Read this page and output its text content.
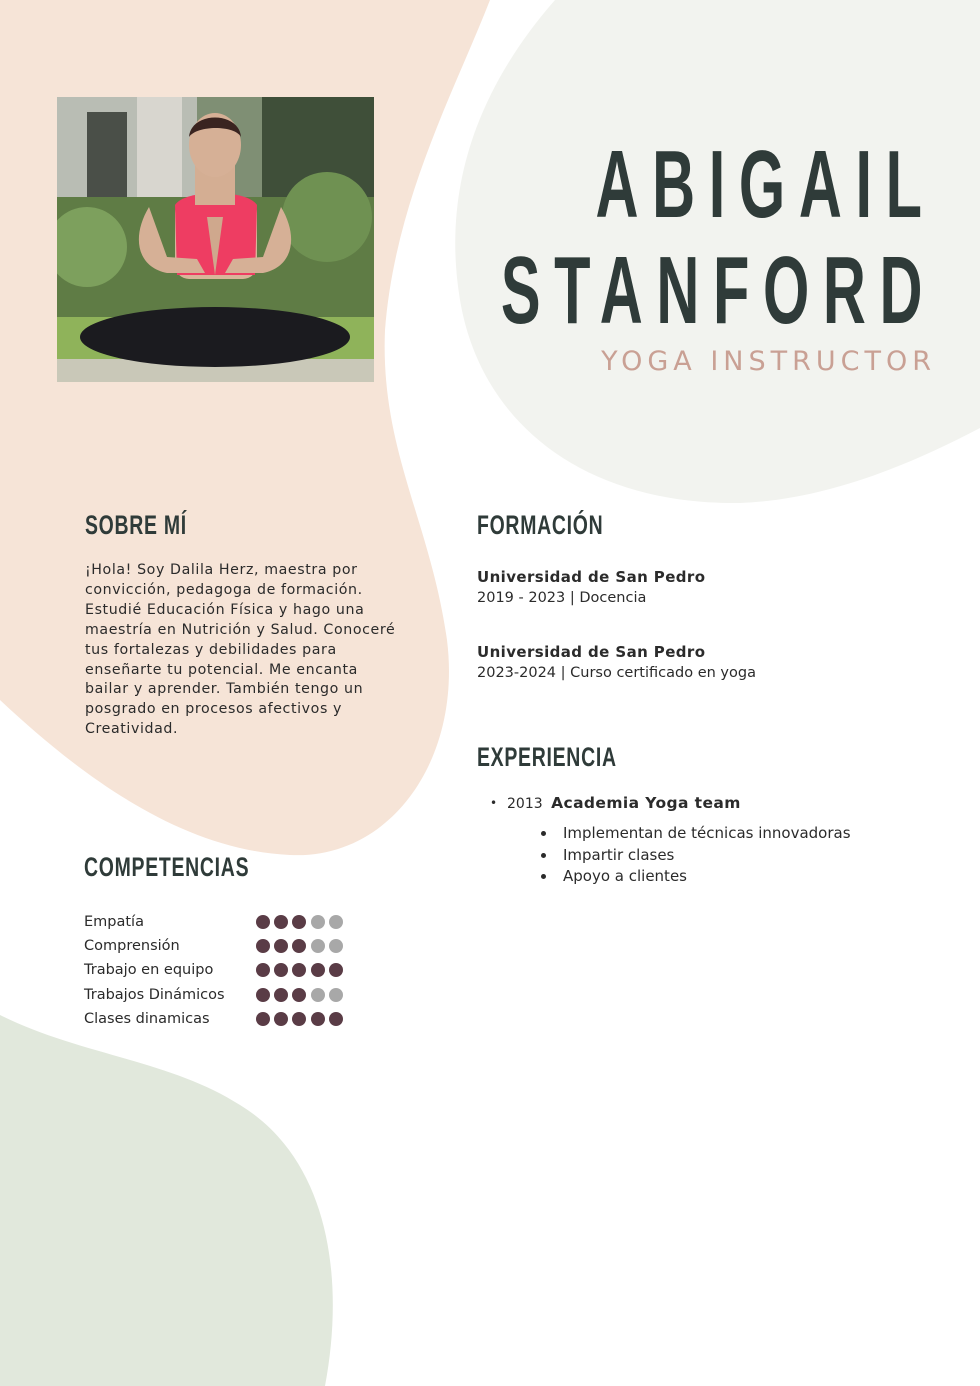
ABIGAIL
STANFORD

YOGA INSTRUCTOR

SOBRE MÍ

¡Hola! Soy Dalila Herz, maestra por convicción, pedagoga de formación. Estudié Educación Física y hago una maestría en Nutrición y Salud. Conoceré tus fortalezas y debilidades para enseñarte tu potencial. Me encanta bailar y aprender. También tengo un posgrado en procesos afectivos y Creatividad.

FORMACIÓN

Universidad de San Pedro

2019 - 2023 | Docencia

Universidad de San Pedro

2023-2024 | Curso certificado en yoga

EXPERIENCIA
• 2013 Academia Yoga team
Implementan de técnicas innovadoras
Impartir clases
Apoyo a clientes
COMPETENCIAS
Empatía
Comprensión
Trabajo en equipo
Trabajos Dinámicos
Clases dinamicas
